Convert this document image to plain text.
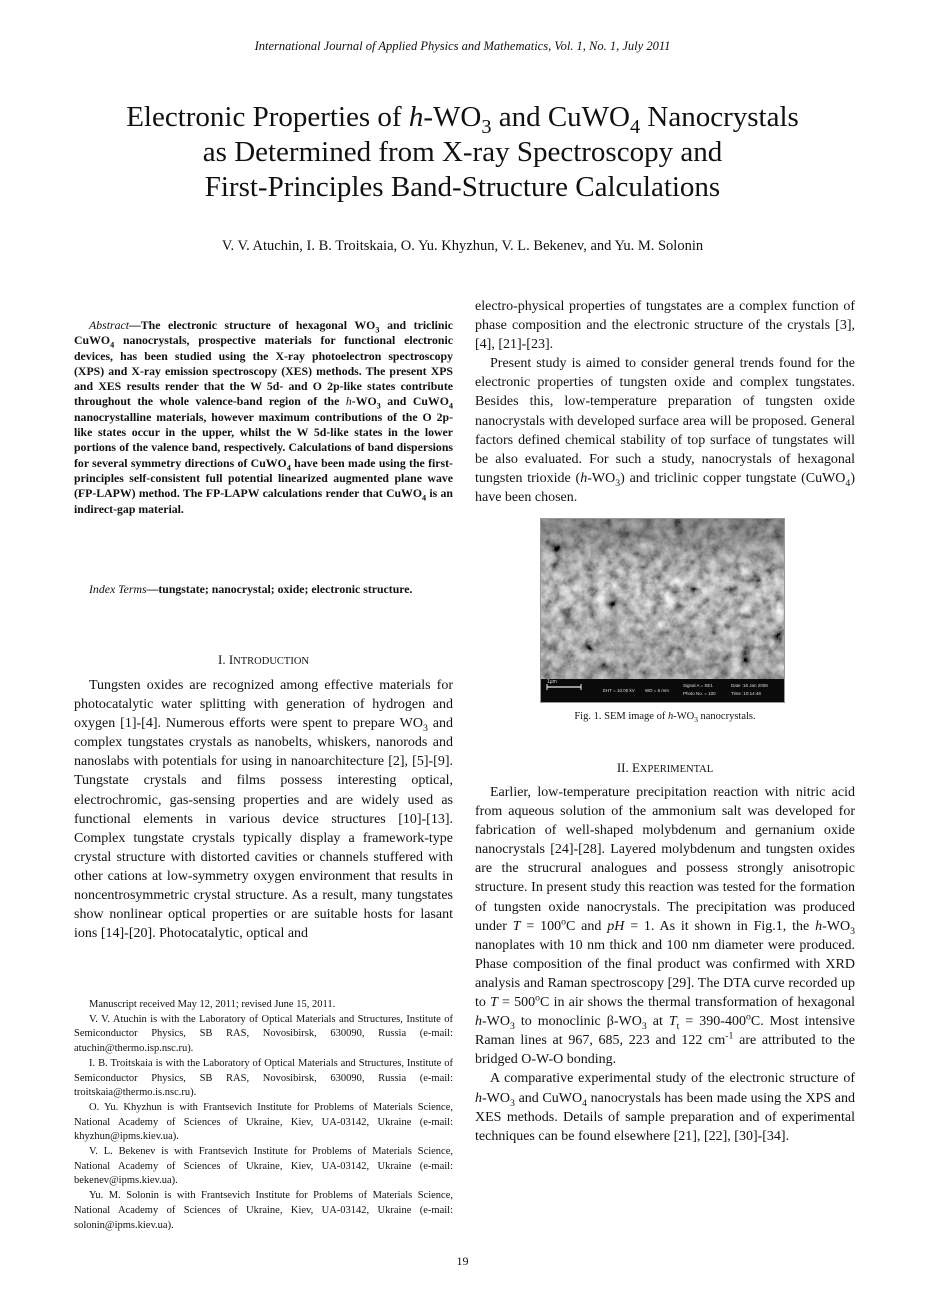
International Journal of Applied Physics and Mathematics, Vol. 1, No. 1, July 2011
Electronic Properties of $h-WO_3$ and CuWO$_4$ Nanocrystals
as Determined from X-ray Spectroscopy and
First-Principles Band-Structure Calculations
V. V. Atuchin, I. B. Troitskaia, O. Yu. Khyzhun, V. L. Bekenev, and Yu. M. Solonin

Abstract—The electronic structure of hexagonal $WO_3$ and triclinic CuWO$_4$ nanocrystals, prospective materials for functional electronic devices, has been studied using the X-ray photoelectron spectroscopy (XPS) and X-ray emission spectroscopy (XES) methods. The present XPS and XES results render that the W 5d- and O 2p-like states contribute throughout the whole valence-band region of the $h-WO_3$ and CuWO$_4$ nanocrystalline materials, however maximum contributions of the O 2p-like states occur in the upper, whilst the W 5d-like states in the lower portions of the valence band, respectively. Calculations of band dispersions for several symmetry directions of CuWO$_4$ have been made using the first-principles self-consistent full potential linearized augmented plane wave (FP-LAPW) method. The FP-LAPW calculations render that CuWO$_4$ is an indirect-gap material.

Index Terms—tungstate; nanocrystal; oxide; electronic structure.

I. INTRODUCTION

Tungsten oxides are recognized among effective materials for photocatalytic water splitting with generation of hydrogen and oxygen [1]-[4]. Numerous efforts were spent to prepare $WO_3$ and complex tungstates crystals as nanobelts, whiskers, nanorods and nanoslabs with potentials for using in nanoarchitecture [2], [5]-[9]. Tungstate crystals and films possess interesting optical, electrochromic, gas-sensing properties and are widely used as functional elements in various device structures [10]-[13]. Complex tungstate crystals typically display a framework-type crystal structure with distorted cavities or channels stuffered with other cations at low-symmetry oxygen environment that results in noncentrosymmetric crystal structure. As a result, many tungstates show nonlinear optical properties or are suitable hosts for lasant ions [14]-[20]. Photocatalytic, optical and

Manuscript received May 12, 2011; revised June 15, 2011.

V. V. Atuchin is with the Laboratory of Optical Materials and Structures, Institute of Semiconductor Physics, SB RAS, Novosibirsk, 630090, Russia (e-mail: atuchin@thermo.isp.nsc.ru).

I. B. Troitskaia is with the Laboratory of Optical Materials and Structures, Institute of Semiconductor Physics, SB RAS, Novosibirsk, 630090, Russia (e-mail: troitskaia@thermo.is.nsc.ru).

O. Yu. Khyzhun is with Frantsevich Institute for Problems of Materials Science, National Academy of Sciences of Ukraine, Kiev, UA-03142, Ukraine (e-mail: khyzhun@ipms.kiev.ua).

V. L. Bekenev is with Frantsevich Institute for Problems of Materials Science, National Academy of Sciences of Ukraine, Kiev, UA-03142, Ukraine (e-mail: bekenev@ipms.kiev.ua).

Yu. M. Solonin is with Frantsevich Institute for Problems of Materials Science, National Academy of Sciences of Ukraine, Kiev, UA-03142, Ukraine (e-mail: solonin@ipms.kiev.ua).

electro-physical properties of tungstates are a complex function of phase composition and the electronic structure of the crystals [3], [4], [21]-[23].

Present study is aimed to consider general trends found for the electronic properties of tungsten oxide and complex tungstates. Besides this, low-temperature preparation of tungsten oxide nanocrystals with developed surface area will be proposed. General factors defined chemical stability of top surface of tungstates will be also evaluated. For such a study, nanocrystals of hexagonal tungsten trioxide $(h-WO_3)$ and triclinic copper tungstate (CuWO$_4$) have been chosen.

1µm
EHT = 10.00 kV WD = 6 mm
Signal A = SE1
Photo No. = 100
Date :16 Jan 2008
Time :10:14:48
Fig. 1. SEM image of $h-WO_3$ nanocrystals.
II. EXPERIMENTAL

Earlier, low-temperature precipitation reaction with nitric acid from aqueous solution of the ammonium salt was developed for fabrication of well-shaped molybdenum and gernanium oxide nanocrystals [24]-[28]. Layered molybdenum and tungsten oxides are the strucrural analogues and possess strongly anisotropic structure. In present study this reaction was tested for the formation of tungsten oxide nanocrystals. The precipitation was produced under $T = 100^oC$ and pH = 1. As it shown in Fig.1, the $h-WO_3$ nanoplates with 10 nm thick and 100 nm diameter were produced. Phase composition of the final product was confirmed with XRD analysis and Raman spectroscopy [29]. The DTA curve recorded up to $T = 500^oC$ in air shows the thermal transformation of hexagonal $h-WO_3$ to monoclinic $\beta-WO_3$ at $T_t = 390-400^oC$. Most intensive Raman lines at 967, 685, 223 and 122 $cm^{-1}$ are attributed to the bridged O-W-O bonding.

A comparative experimental study of the electronic structure of $h-WO_3$ and CuWO$_4$ nanocrystals has been made using the XPS and XES methods. Details of sample preparation and of experimental techniques can be found elsewhere [21], [22], [30]-[34].

19
